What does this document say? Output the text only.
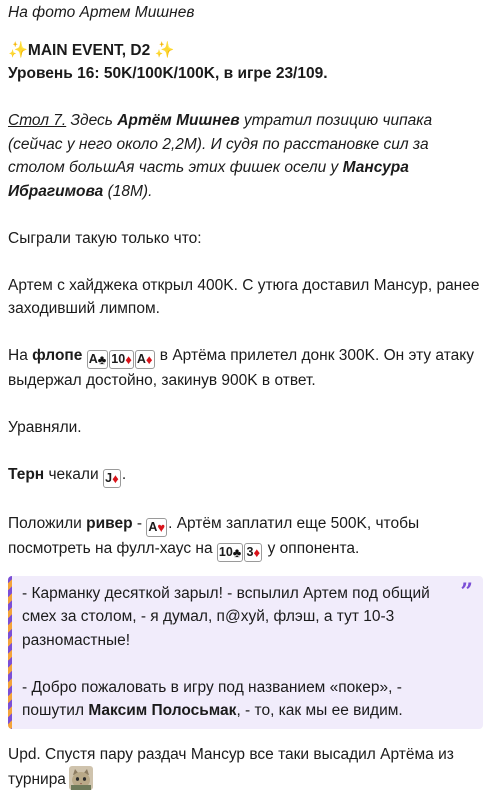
На фото Артем Мишнев

✨MAIN EVENT, D2 ✨

Уровень 16: 50K/100K/100K, в игре 23/109.

Стол 7. Здесь Артём Мишнев утратил позицию чипака (сейчас у него около 2,2M). И судя по расстановке сил за столом большАя часть этих фишек осели у Мансура Ибрагимова (18M).

Сыграли такую только что:

Артем с хайджека открыл 400K. С утюга доставил Мансур, ранее заходивший лимпом.

На флопе A ♣ 10 ♦ A ♦ в Артёма прилетел донк 300K. Он эту атаку выдержал достойно, закинув 900K в ответ.

Уравняли.

Терн чекали J ♦ .

Положили ривер - A ♥ . Артём заплатил еще 500K, чтобы посмотреть на фулл-хаус на 10 ♣ 3 ♦ у оппонента.

”

- Карманку десяткой зарыл! - вспылил Артем под общий смех за столом, - я думал, п@хуй, флэш, а тут 10-3 разномастные!

- Добро пожаловать в игру под названием «покер», - пошутил Максим Полосьмак, - то, как мы ее видим.

Upd. Спустя пару раздач Мансур все таки высадил Артёма из турнира
